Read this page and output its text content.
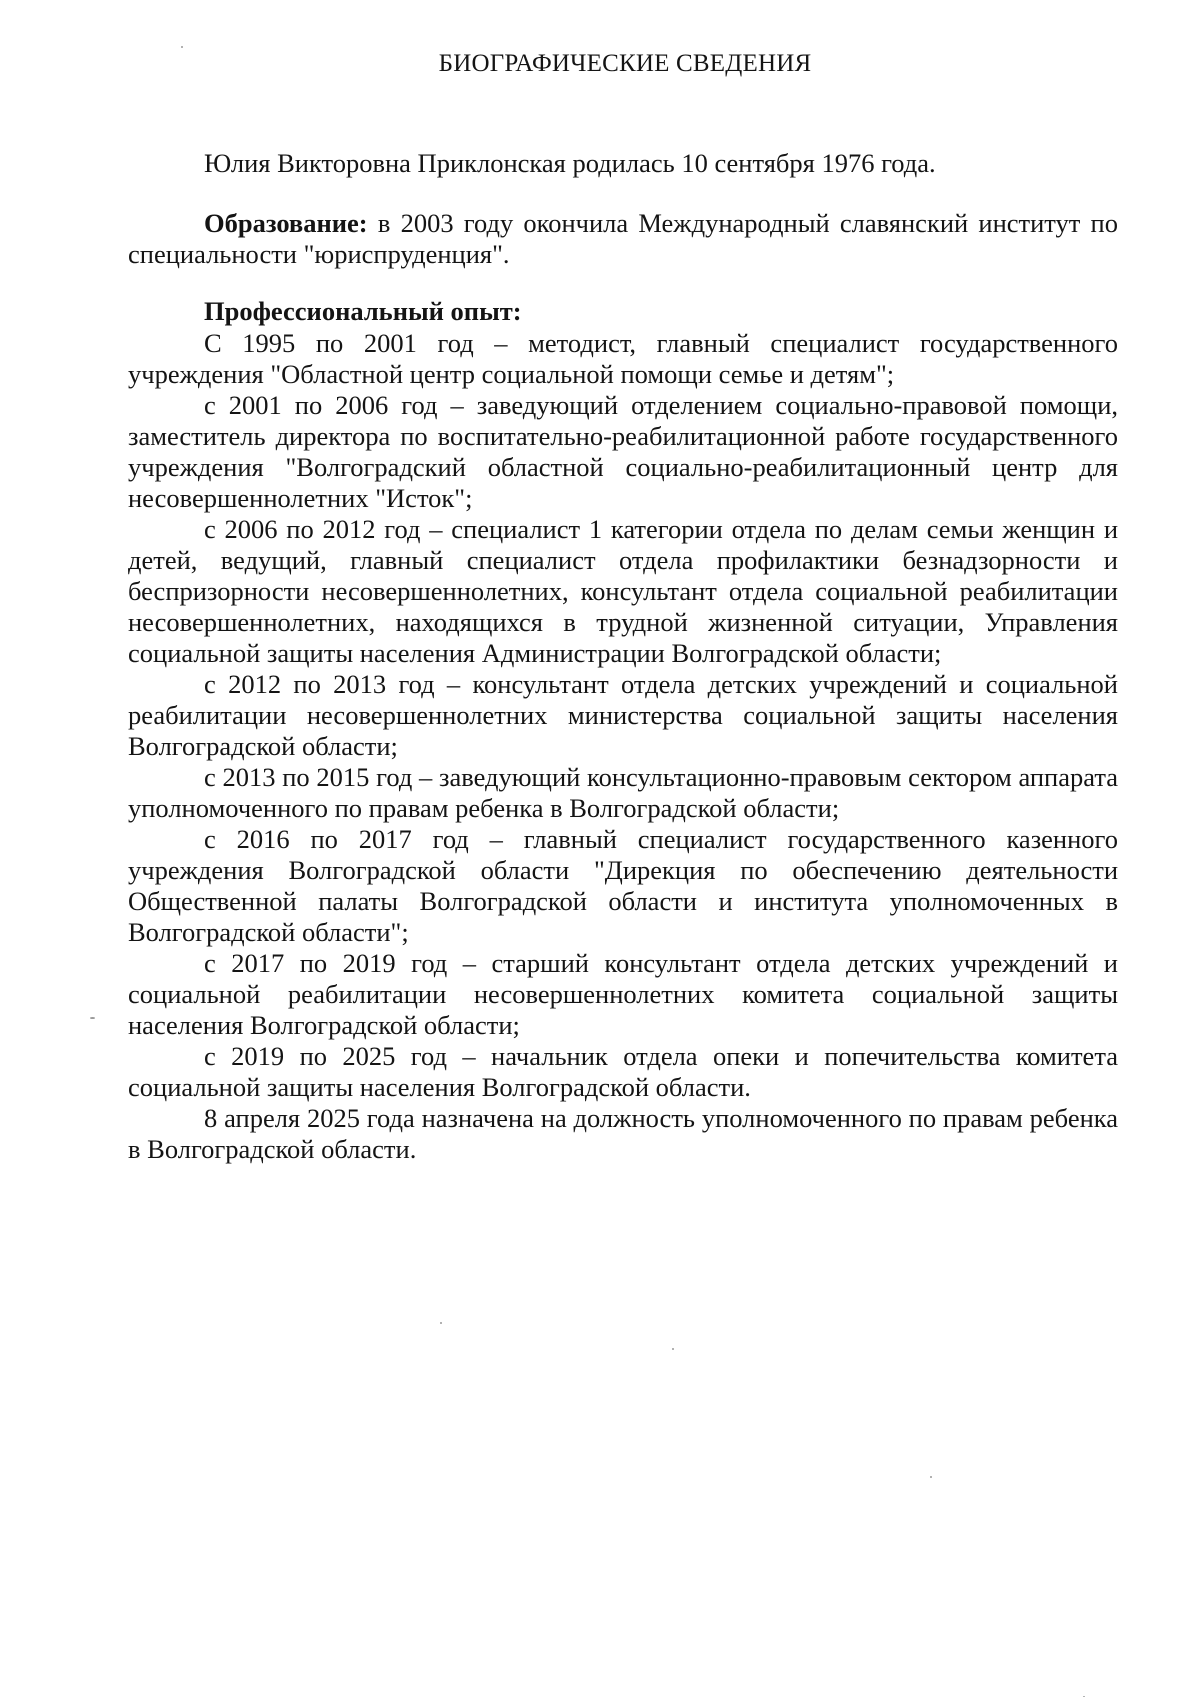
БИОГРАФИЧЕСКИЕ СВЕДЕНИЯ
Юлия Викторовна Приклонская родилась 10 сентября 1976 года.
Образование: в 2003 году окончила Международный славянский институт по специальности "юриспруденция".
Профессиональный опыт:

С 1995 по 2001 год – методист, главный специалист государственного учреждения "Областной центр социальной помощи семье и детям";

с 2001 по 2006 год – заведующий отделением социально-правовой помощи, заместитель директора по воспитательно-реабилитационной работе государственного учреждения "Волгоградский областной социально-реабилитационный центр для несовершеннолетних "Исток";

с 2006 по 2012 год – специалист 1 категории отдела по делам семьи женщин и детей, ведущий, главный специалист отдела профилактики безнадзорности и беспризорности несовершеннолетних, консультант отдела социальной реабилитации несовершеннолетних, находящихся в трудной жизненной ситуации, Управления социальной защиты населения Администрации Волгоградской области;

с 2012 по 2013 год – консультант отдела детских учреждений и социальной реабилитации несовершеннолетних министерства социальной защиты населения Волгоградской области;

с 2013 по 2015 год – заведующий консультационно-правовым сектором аппарата уполномоченного по правам ребенка в Волгоградской области;

с 2016 по 2017 год – главный специалист государственного казенного учреждения Волгоградской области "Дирекция по обеспечению деятельности Общественной палаты Волгоградской области и института уполномоченных в Волгоградской области";

с 2017 по 2019 год – старший консультант отдела детских учреждений и социальной реабилитации несовершеннолетних комитета социальной защиты населения Волгоградской области;

с 2019 по 2025 год – начальник отдела опеки и попечительства комитета социальной защиты населения Волгоградской области.

8 апреля 2025 года назначена на должность уполномоченного по правам ребенка в Волгоградской области.
